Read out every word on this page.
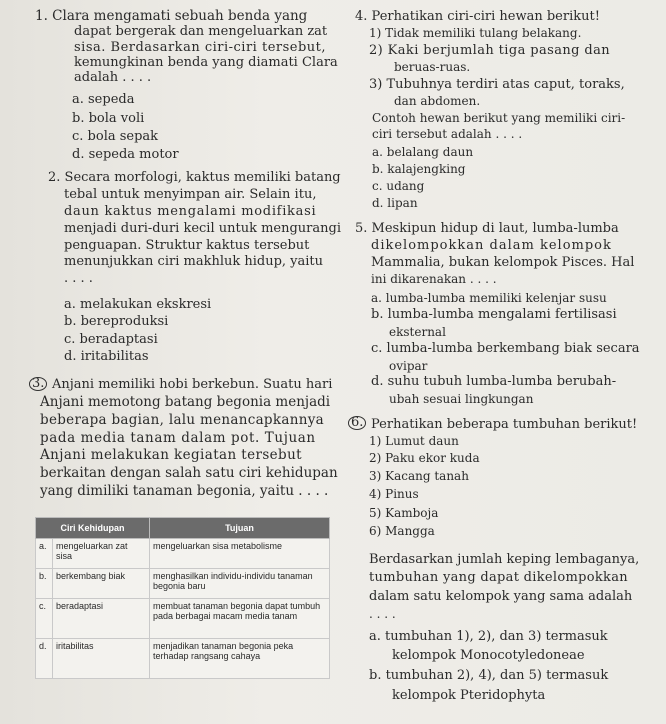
1. Clara mengamati sebuah benda yang
dapat bergerak dan mengeluarkan zat
sisa. Berdasarkan ciri-ciri tersebut,
kemungkinan benda yang diamati Clara
adalah . . . .
a. sepeda
b. bola voli
c. bola sepak
d. sepeda motor
2. Secara morfologi, kaktus memiliki batang
tebal untuk menyimpan air. Selain itu,
daun kaktus mengalami modifikasi
menjadi duri-duri kecil untuk mengurangi
penguapan. Struktur kaktus tersebut
menunjukkan ciri makhluk hidup, yaitu
. . . .
a. melakukan ekskresi
b. bereproduksi
c. beradaptasi
d. iritabilitas
3. Anjani memiliki hobi berkebun. Suatu hari
Anjani memotong batang begonia menjadi
beberapa bagian, lalu menancapkannya
pada media tanam dalam pot. Tujuan
Anjani melakukan kegiatan tersebut
berkaitan dengan salah satu ciri kehidupan
yang dimiliki tanaman begonia, yaitu . . . .
Ciri Kehidupan		Tujuan
a.	mengeluarkan zat sisa	mengeluarkan sisa metabolisme
b.	berkembang biak	menghasilkan individu-individu tanaman begonia baru
c.	beradaptasi	membuat tanaman begonia dapat tumbuh pada berbagai macam media tanam
d.	iritabilitas	menjadikan tanaman begonia peka terhadap rangsang cahaya
4. Perhatikan ciri-ciri hewan berikut!
1) Tidak memiliki tulang belakang.
2) Kaki berjumlah tiga pasang dan
beruas-ruas.
3) Tubuhnya terdiri atas caput, toraks,
dan abdomen.
Contoh hewan berikut yang memiliki ciri-
ciri tersebut adalah . . . .
a. belalang daun
b. kalajengking
c. udang
d. lipan
5. Meskipun hidup di laut, lumba-lumba
dikelompokkan dalam kelompok
Mammalia, bukan kelompok Pisces. Hal
ini dikarenakan . . . .
a. lumba-lumba memiliki kelenjar susu
b. lumba-lumba mengalami fertilisasi
eksternal
c. lumba-lumba berkembang biak secara
ovipar
d. suhu tubuh lumba-lumba berubah-
ubah sesuai lingkungan
6. Perhatikan beberapa tumbuhan berikut!
1) Lumut daun
2) Paku ekor kuda
3) Kacang tanah
4) Pinus
5) Kamboja
6) Mangga
Berdasarkan jumlah keping lembaganya,
tumbuhan yang dapat dikelompokkan
dalam satu kelompok yang sama adalah
. . . .
a. tumbuhan 1), 2), dan 3) termasuk
kelompok Monocotyledoneae
b. tumbuhan 2), 4), dan 5) termasuk
kelompok Pteridophyta
